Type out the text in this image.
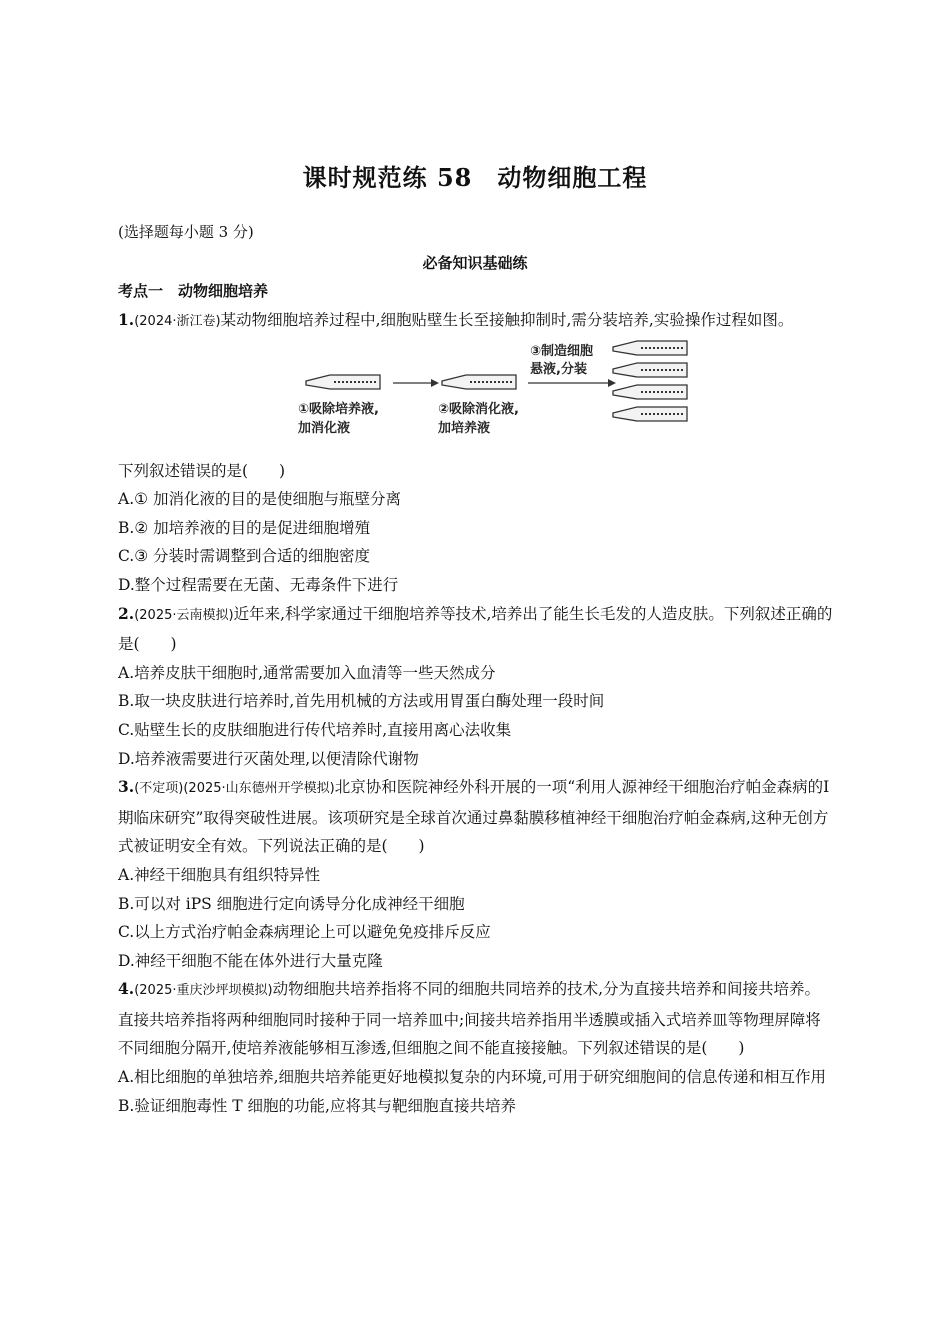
课时规范练 58　动物细胞工程
(选择题每小题 3 分)
必备知识基础练
考点一　动物细胞培养

1.(2024·浙江卷)某动物细胞培养过程中,细胞贴壁生长至接触抑制时,需分装培养,实验操作过程如图。

①吸除培养液,
加消化液
②吸除消化液,
加培养液
③制造细胞
悬液,分装

下列叙述错误的是(　　)

A.① 加消化液的目的是使细胞与瓶壁分离

B.② 加培养液的目的是促进细胞增殖

C.③ 分装时需调整到合适的细胞密度

D.整个过程需要在无菌、无毒条件下进行

2.(2025·云南模拟)近年来,科学家通过干细胞培养等技术,培养出了能生长毛发的人造皮肤。下列叙述正确的是(　　)

A.培养皮肤干细胞时,通常需要加入血清等一些天然成分

B.取一块皮肤进行培养时,首先用机械的方法或用胃蛋白酶处理一段时间

C.贴壁生长的皮肤细胞进行传代培养时,直接用离心法收集

D.培养液需要进行灭菌处理,以便清除代谢物

3.(不定项)(2025·山东德州开学模拟)北京协和医院神经外科开展的一项“利用人源神经干细胞治疗帕金森病的Ⅰ期临床研究”取得突破性进展。该项研究是全球首次通过鼻黏膜移植神经干细胞治疗帕金森病,这种无创方式被证明安全有效。下列说法正确的是(　　)

A.神经干细胞具有组织特异性

B.可以对 iPS 细胞进行定向诱导分化成神经干细胞

C.以上方式治疗帕金森病理论上可以避免免疫排斥反应

D.神经干细胞不能在体外进行大量克隆

4.(2025·重庆沙坪坝模拟)动物细胞共培养指将不同的细胞共同培养的技术,分为直接共培养和间接共培养。直接共培养指将两种细胞同时接种于同一培养皿中;间接共培养指用半透膜或插入式培养皿等物理屏障将不同细胞分隔开,使培养液能够相互渗透,但细胞之间不能直接接触。下列叙述错误的是(　　)

A.相比细胞的单独培养,细胞共培养能更好地模拟复杂的内环境,可用于研究细胞间的信息传递和相互作用

B.验证细胞毒性 T 细胞的功能,应将其与靶细胞直接共培养
